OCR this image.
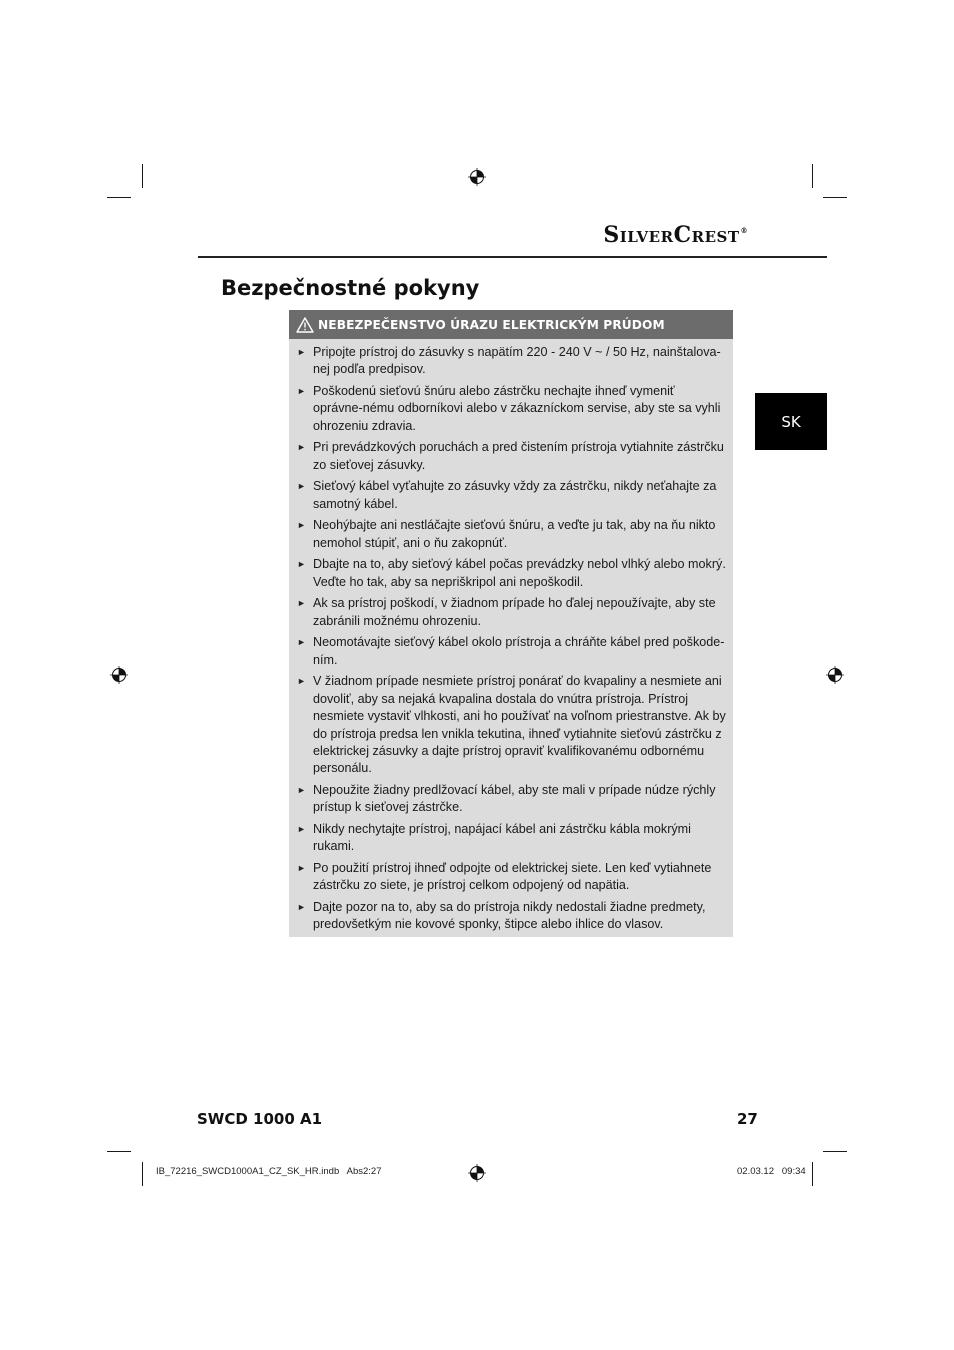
SilverCrest®
Bezpečnostné pokyny
SK
NEBEZPEČENSTVO ÚRAZU ELEKTRICKÝM PRÚDOM
► Pripojte prístroj do zásuvky s napätím 220 - 240 V ~ / 50 Hz, nainštalova-nej podľa predpisov.
► Poškodenú sieťovú šnúru alebo zástrčku nechajte ihneď vymeniť oprávne-nému odborníkovi alebo v zákazníckom servise, aby ste sa vyhli ohrozeniu zdravia.
► Pri prevádzkových poruchách a pred čistením prístroja vytiahnite zástrčku zo sieťovej zásuvky.
► Sieťový kábel vyťahujte zo zásuvky vždy za zástrčku, nikdy neťahajte za samotný kábel.
► Neohýbajte ani nestláčajte sieťovú šnúru, a veďte ju tak, aby na ňu nikto nemohol stúpiť, ani o ňu zakopnúť.
► Dbajte na to, aby sieťový kábel počas prevádzky nebol vlhký alebo mokrý. Veďte ho tak, aby sa nepriškripol ani nepoškodil.
► Ak sa prístroj poškodí, v žiadnom prípade ho ďalej nepoužívajte, aby ste zabránili možnému ohrozeniu.
► Neomotávajte sieťový kábel okolo prístroja a chráňte kábel pred poškode-ním.
► V žiadnom prípade nesmiete prístroj ponárať do kvapaliny a nesmiete ani dovoliť, aby sa nejaká kvapalina dostala do vnútra prístroja. Prístroj nesmiete vystaviť vlhkosti, ani ho používať na voľnom priestranstve. Ak by do prístroja predsa len vnikla tekutina, ihneď vytiahnite sieťovú zástrčku z elektrickej zásuvky a dajte prístroj opraviť kvalifikovanému odbornému personálu.
► Nepoužite žiadny predlžovací kábel, aby ste mali v prípade núdze rýchly prístup k sieťovej zástrčke.
► Nikdy nechytajte prístroj, napájací kábel ani zástrčku kábla mokrými rukami.
► Po použití prístroj ihneď odpojte od elektrickej siete. Len keď vytiahnete zástrčku zo siete, je prístroj celkom odpojený od napätia.
► Dajte pozor na to, aby sa do prístroja nikdy nedostali žiadne predmety, predovšetkým nie kovové sponky, štipce alebo ihlice do vlasov.
SWCD 1000 A1	27
IB_72216_SWCD1000A1_CZ_SK_HR.indb   Abs2:27	02.03.12   09:34
